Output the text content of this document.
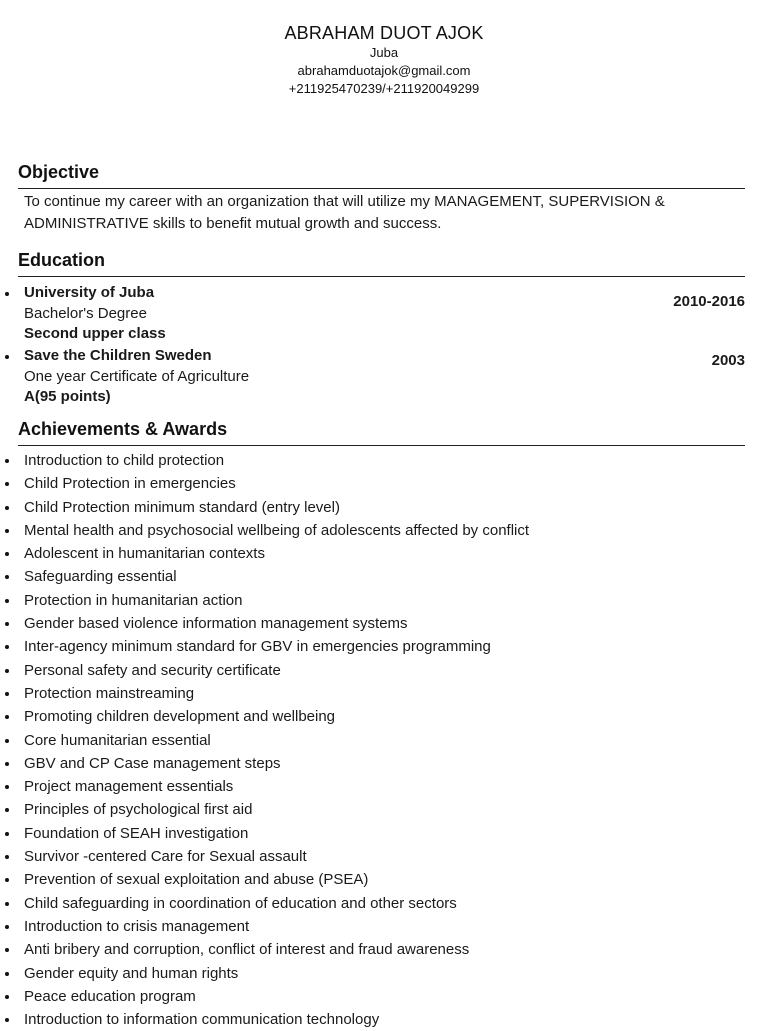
ABRAHAM DUOT AJOK
Juba
abrahamduotajok@gmail.com
+211925470239/+211920049299
Objective

To continue my career with an organization that will utilize my MANAGEMENT, SUPERVISION & ADMINISTRATIVE skills to benefit mutual growth and success.

Education
University of Juba
Bachelor's Degree
Second upper class
2010-2016
Save the Children Sweden
One year Certificate of Agriculture
A(95 points)
2003
Achievements & Awards
Introduction to child protection
Child Protection in emergencies
Child Protection minimum standard (entry level)
Mental health and psychosocial wellbeing of adolescents affected by conflict
Adolescent in humanitarian contexts
Safeguarding essential
Protection in humanitarian action
Gender based violence information management systems
Inter-agency minimum standard for GBV in emergencies programming
Personal safety and security certificate
Protection mainstreaming
Promoting children development and wellbeing
Core humanitarian essential
GBV and CP Case management steps
Project management essentials
Principles of psychological first aid
Foundation of SEAH investigation
Survivor -centered Care for Sexual assault
Prevention of sexual exploitation and abuse (PSEA)
Child safeguarding in coordination of education and other sectors
Introduction to crisis management
Anti bribery and corruption, conflict of interest and fraud awareness
Gender equity and human rights
Peace education program
Introduction to information communication technology
